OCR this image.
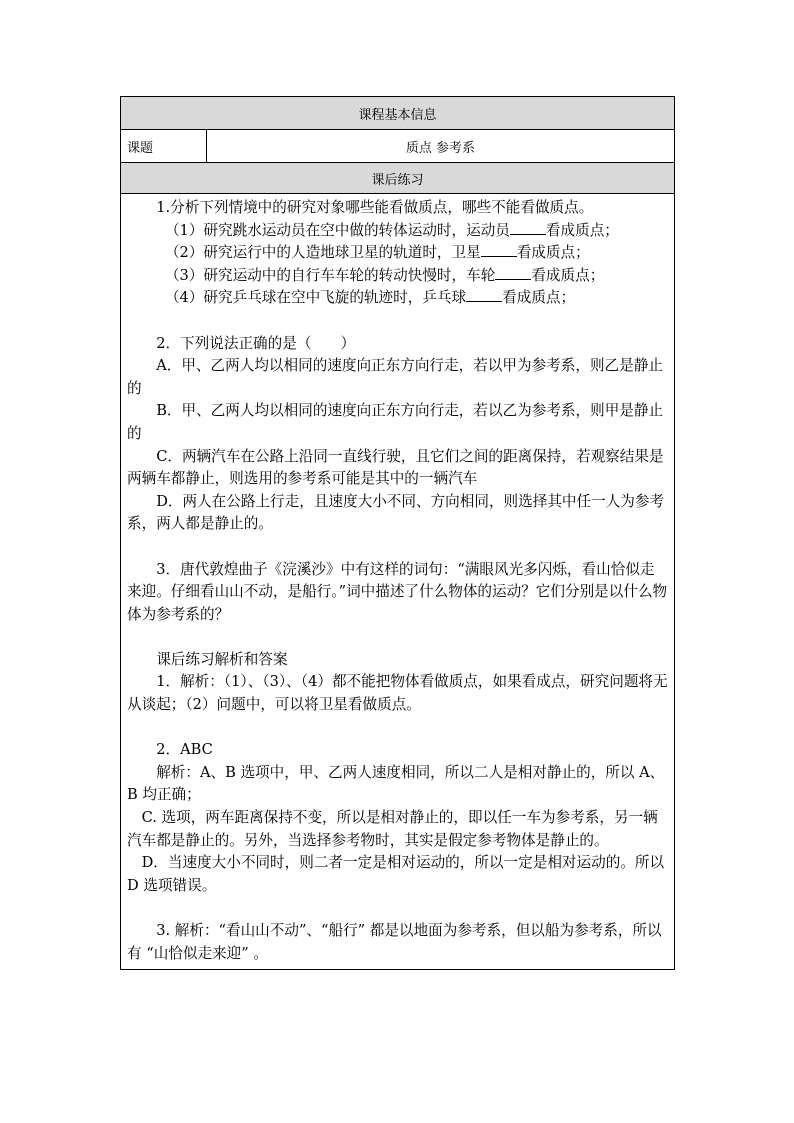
课程基本信息
课题	质点 参考系
课后练习

1.分析下列情境中的研究对象哪些能看做质点，哪些不能看做质点。

（1）研究跳水运动员在空中做的转体运动时，运动员 看成质点；

（2）研究运行中的人造地球卫星的轨道时，卫星 看成质点；

（3）研究运动中的自行车车轮的转动快慢时，车轮 看成质点；

（4）研究乒乓球在空中飞旋的轨迹时，乒乓球 看成质点；

2．下列说法正确的是（　　）

A．甲、乙两人均以相同的速度向正东方向行走，若以甲为参考系，则乙是静止的

B．甲、乙两人均以相同的速度向正东方向行走，若以乙为参考系，则甲是静止的

C．两辆汽车在公路上沿同一直线行驶，且它们之间的距离保持，若观察结果是两辆车都静止，则选用的参考系可能是其中的一辆汽车

D．两人在公路上行走，且速度大小不同、方向相同，则选择其中任一人为参考系，两人都是静止的。

3．唐代敦煌曲子《浣溪沙》中有这样的词句：“满眼风光多闪烁，看山恰似走来迎。仔细看山山不动，是船行。”词中描述了什么物体的运动？它们分别是以什么物体为参考系的？

课后练习解析和答案

1．解析：（1）、（3）、（4）都不能把物体看做质点，如果看成点，研究问题将无从谈起；（2）问题中，可以将卫星看做质点。

2．ABC

解析：A、B 选项中，甲、乙两人速度相同，所以二人是相对静止的，所以 A、B 均正确；

C. 选项，两车距离保持不变，所以是相对静止的，即以任一车为参考系，另一辆汽车都是静止的。另外，当选择参考物时，其实是假定参考物体是静止的。

D．当速度大小不同时，则二者一定是相对运动的，所以一定是相对运动的。所以 D 选项错误。

3. 解析：“看山山不动”、“船行” 都是以地面为参考系，但以船为参考系，所以有 “山恰似走来迎” 。
